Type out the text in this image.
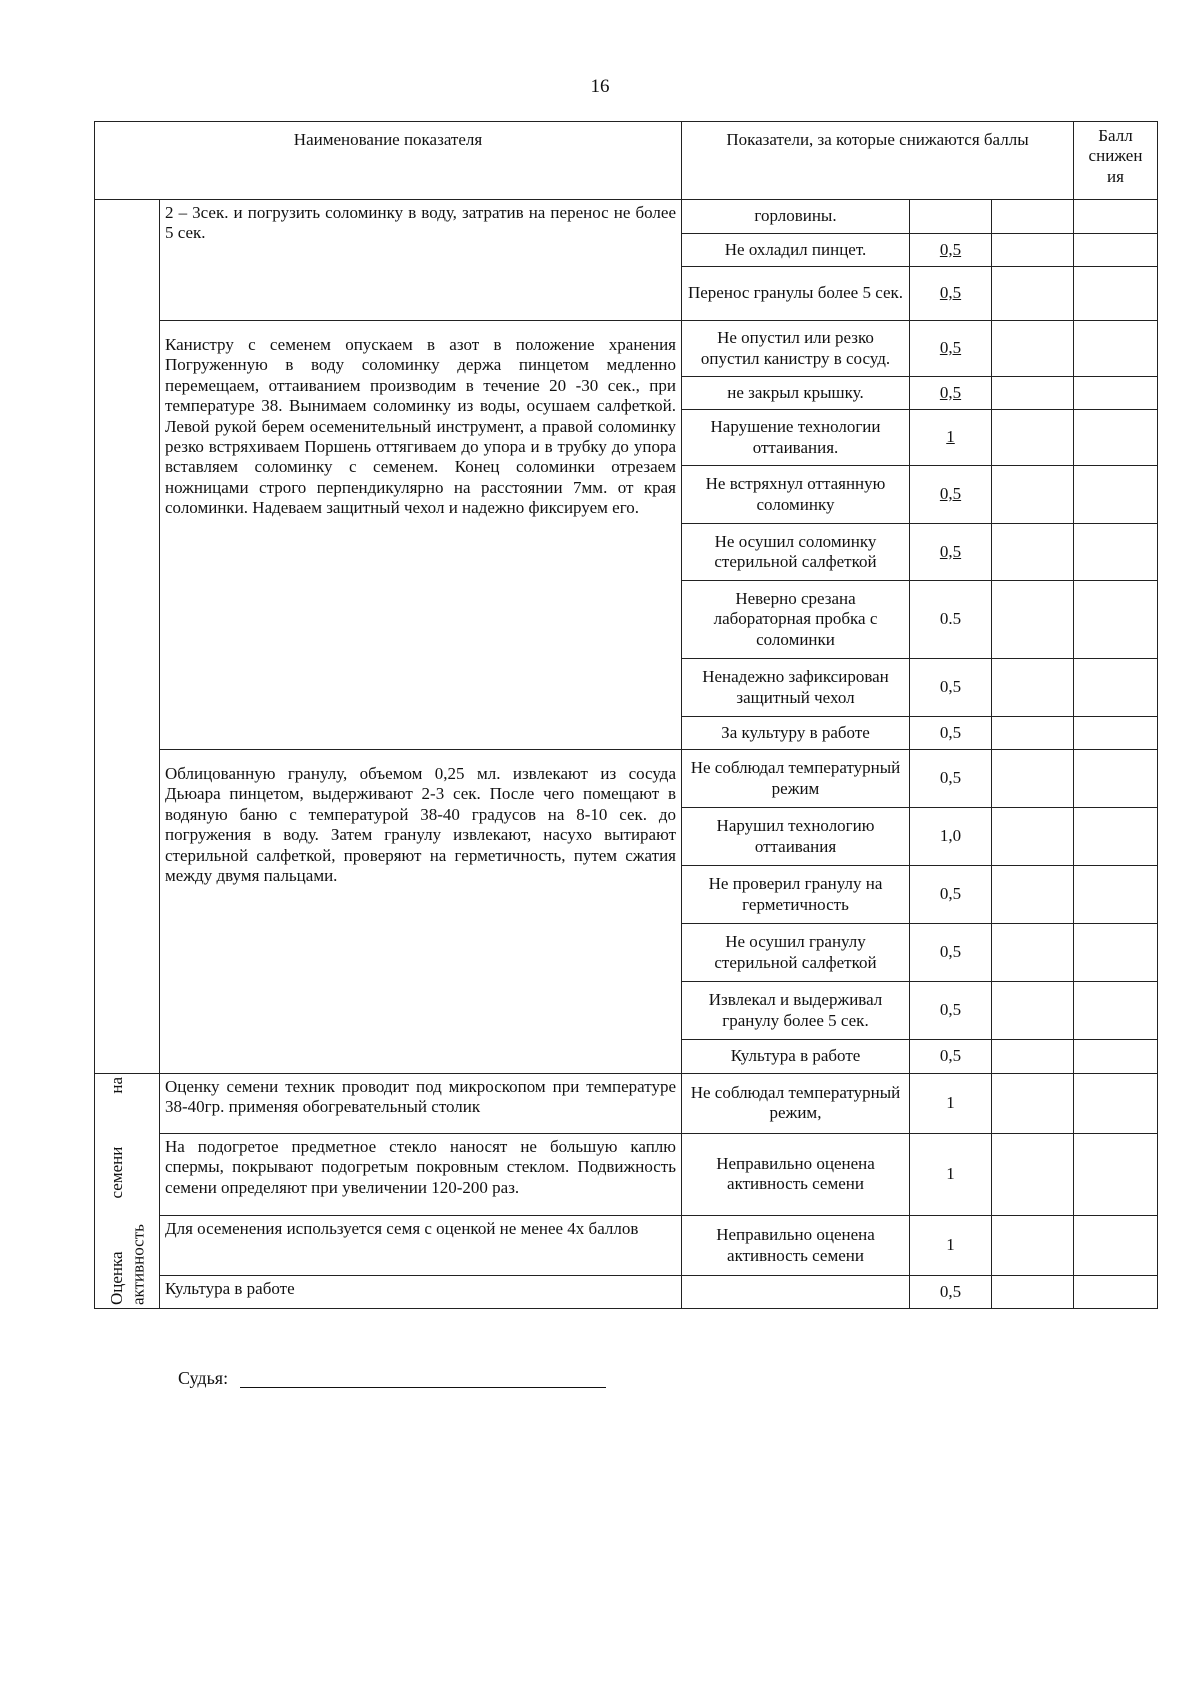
16
Наименование показателя		Показатели, за которые снижаются баллы			Балл снижен ия
	2 – 3сек. и погрузить соломинку в воду, затратив на перенос не более 5 сек.	горловины.			
		Не охладил пинцет.	0,5		
		Перенос гранулы более 5 сек.	0,5		
	Канистру с семенем опускаем в азот в положение хранения Погруженную в воду соломинку держа пинцетом медленно перемещаем, оттаиванием производим в течение 20 -30 сек., при температуре 38. Вынимаем соломинку из воды, осушаем салфеткой. Левой рукой берем осеменительный инструмент, а правой соломинку резко встряхиваем Поршень оттягиваем до упора и в трубку до упора вставляем соломинку с семенем. Конец соломинки отрезаем ножницами строго перпендикулярно на расстоянии 7мм. от края соломинки. Надеваем защитный чехол и надежно фиксируем его.	Не опустил или резко опустил канистру в сосуд.	0,5		
		не закрыл крышку.	0,5		
		Нарушение технологии оттаивания.	1		
		Не встряхнул оттаянную соломинку	0,5		
		Не осушил соломинку стерильной салфеткой	0,5		
		Неверно срезана лабораторная пробка с соломинки	0.5		
		Ненадежно зафиксирован защитный чехол	0,5		
		За культуру в работе	0,5		
	Облицованную гранулу, объемом 0,25 мл. извлекают из сосуда Дьюара пинцетом, выдерживают 2-3 сек. После чего помещают в водяную баню с температурой 38-40 градусов на 8-10 сек. до погружения в воду. Затем гранулу извлекают, насухо вытирают стерильной салфеткой, проверяют на герметичность, путем сжатия между двумя пальцами.	Не соблюдал температурный режим	0,5		
		Нарушил технологию оттаивания	1,0		
		Не проверил гранулу на герметичность	0,5		
		Не осушил гранулу стерильной салфеткой	0,5		
		Извлекал и выдерживал гранулу более 5 сек.	0,5		
		Культура в работе	0,5		

Оценка семени на активность	Оценку семени техник проводит под микроскопом при температуре 38-40гр. применяя обогревательный столик	Не соблюдал температурный режим,	1		
	На подогретое предметное стекло наносят не большую каплю спермы, покрывают подогретым покровным стеклом. Подвижность семени определяют при увеличении 120-200 раз.	Неправильно оценена активность семени	1		
	Для осеменения используется семя с оценкой не менее 4х баллов	Неправильно оценена активность семени	1		
	Культура в работе		0,5		
Судья:
